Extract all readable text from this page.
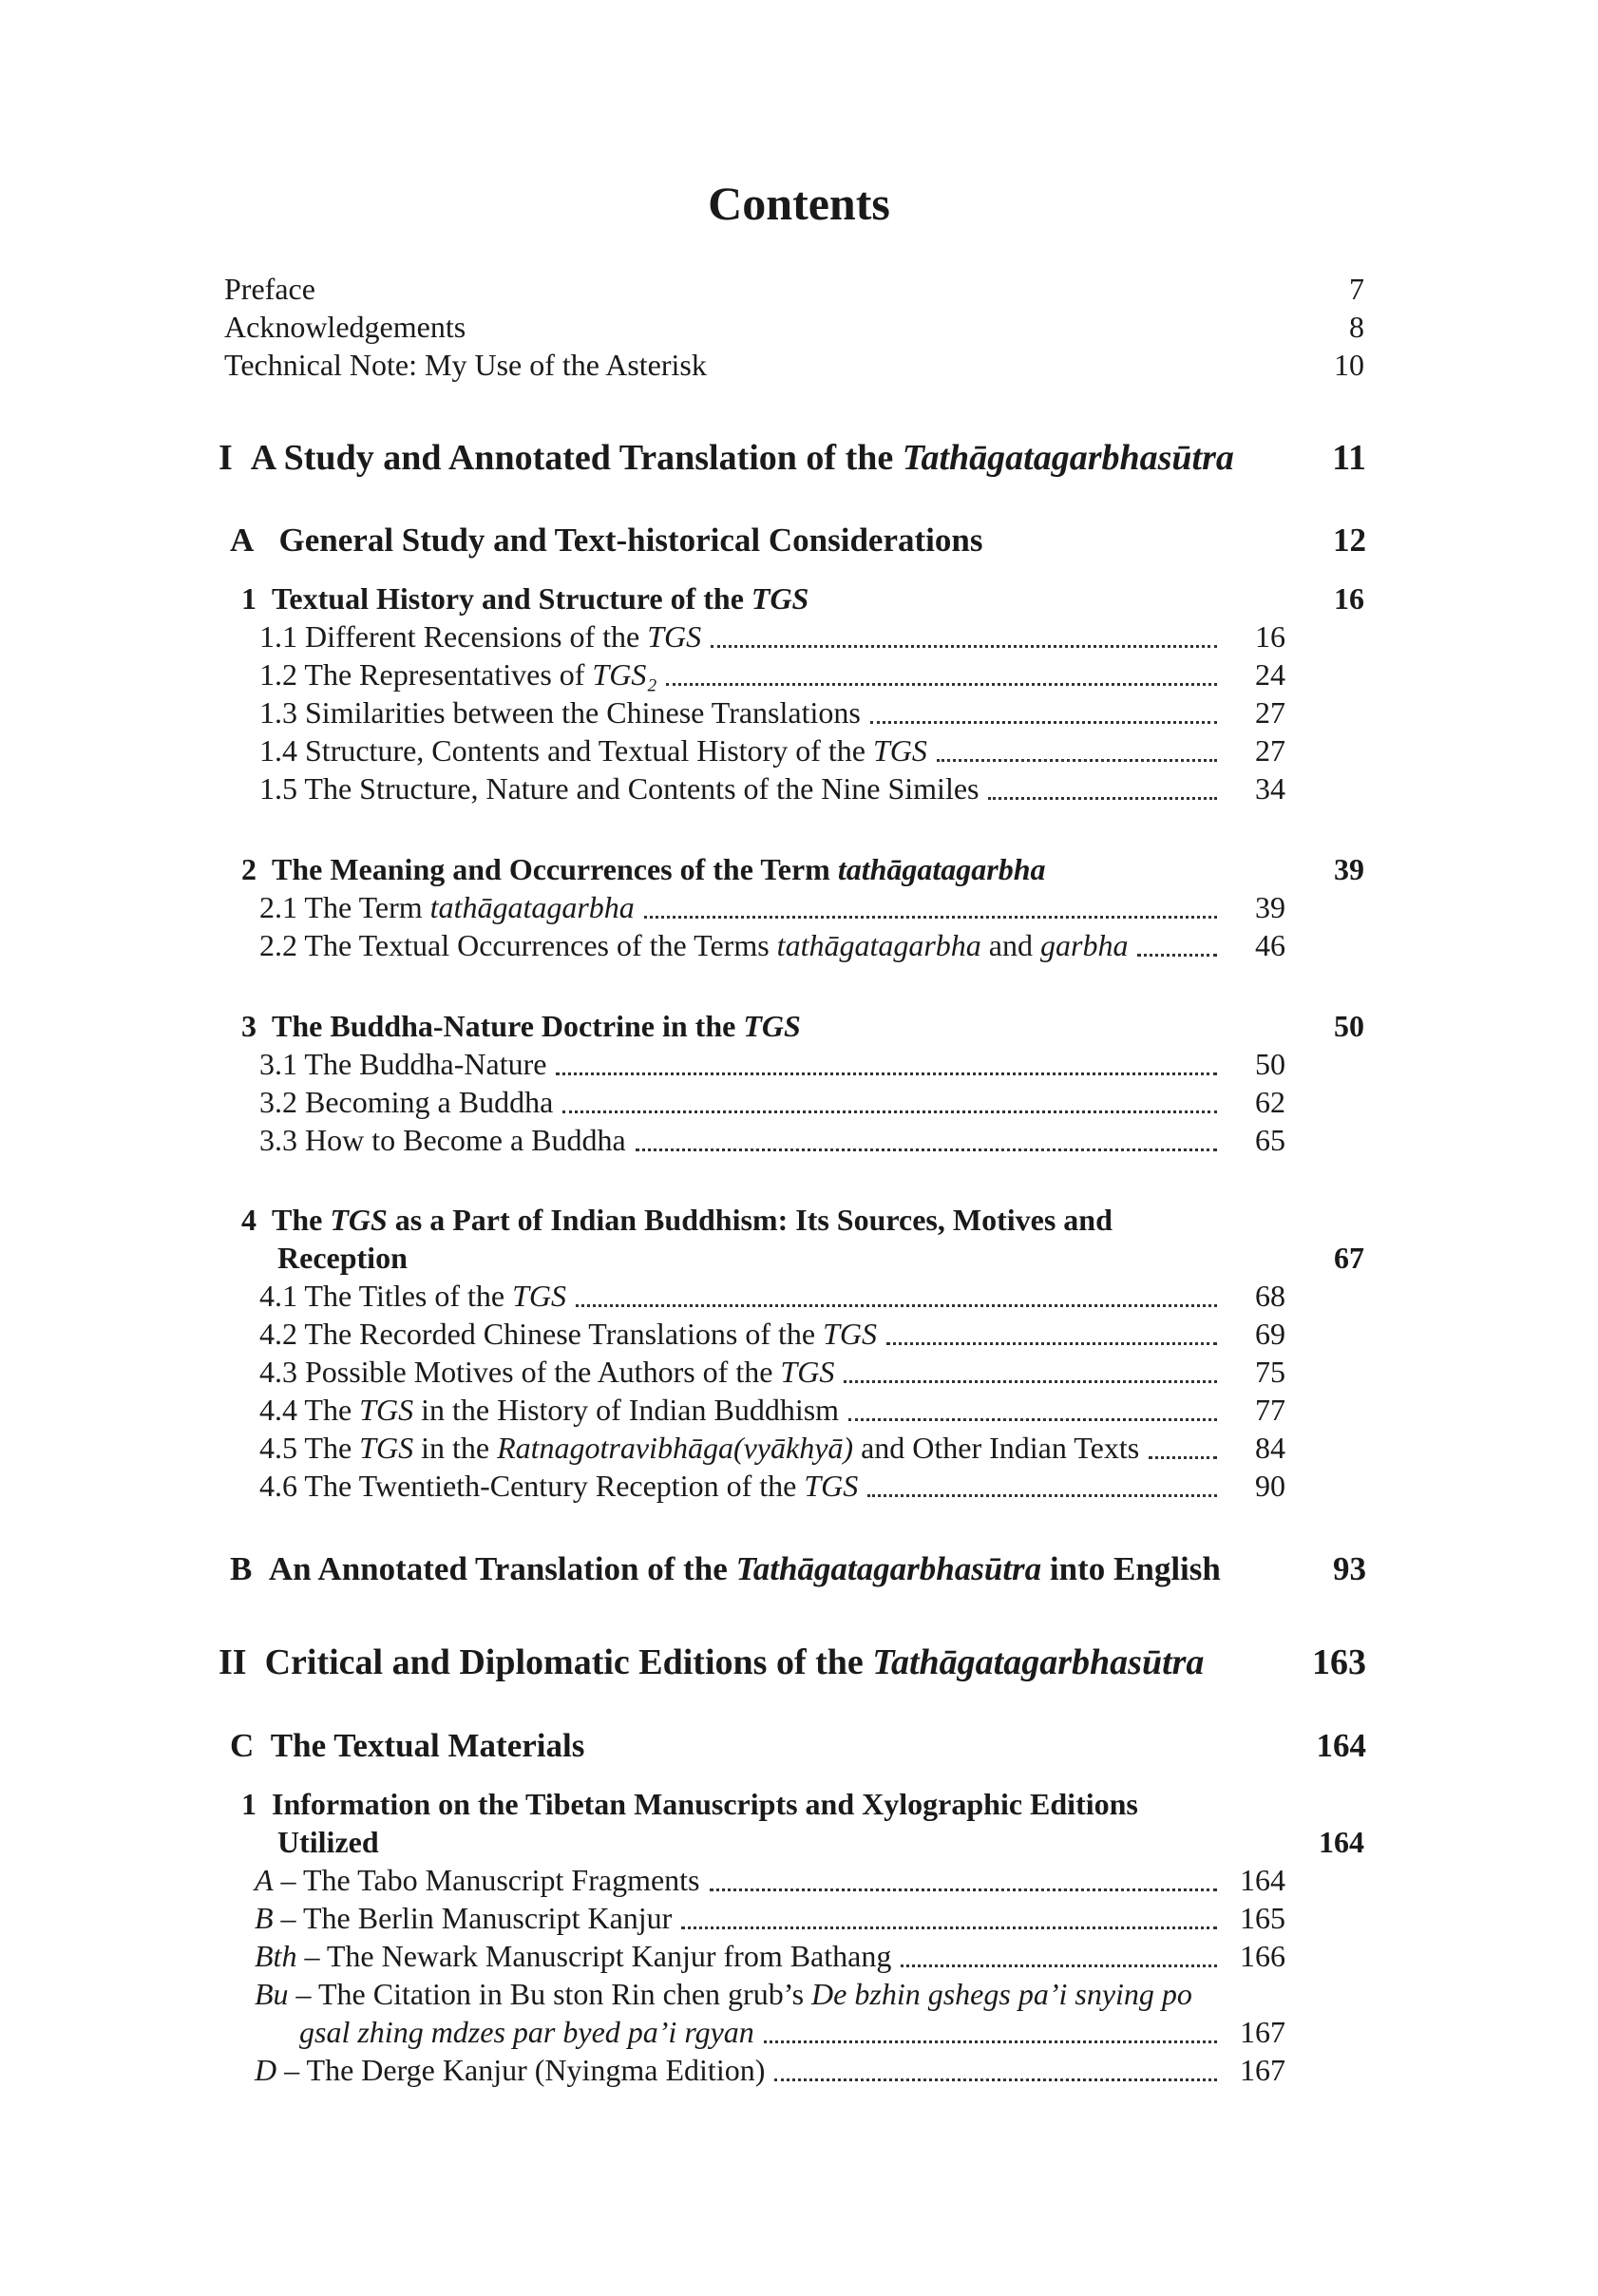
Contents
Preface	7
Acknowledgements	8
Technical Note: My Use of the Asterisk	10
I A Study and Annotated Translation of the Tathāgatagarbhasūtra	11
A General Study and Text-historical Considerations	12
1 Textual History and Structure of the TGS	16
1.1 Different Recensions of the TGS	16
1.2 The Representatives of TGS₂	24
1.3 Similarities between the Chinese Translations	27
1.4 Structure, Contents and Textual History of the TGS	27
1.5 The Structure, Nature and Contents of the Nine Similes	34
2 The Meaning and Occurrences of the Term tathāgatagarbha	39
2.1 The Term tathāgatagarbha	39
2.2 The Textual Occurrences of the Terms tathāgatagarbha and garbha	46
3 The Buddha-Nature Doctrine in the TGS	50
3.1 The Buddha-Nature	50
3.2 Becoming a Buddha	62
3.3 How to Become a Buddha	65
4 The TGS as a Part of Indian Buddhism: Its Sources, Motives and
Reception	67
4.1 The Titles of the TGS	68
4.2 The Recorded Chinese Translations of the TGS	69
4.3 Possible Motives of the Authors of the TGS	75
4.4 The TGS in the History of Indian Buddhism	77
4.5 The TGS in the Ratnagotravibhāga(vyākhyā) and Other Indian Texts	84
4.6 The Twentieth-Century Reception of the TGS	90
B An Annotated Translation of the Tathāgatagarbhasūtra into English	93
II Critical and Diplomatic Editions of the Tathāgatagarbhasūtra	163
C The Textual Materials	164
1 Information on the Tibetan Manuscripts and Xylographic Editions
Utilized	164
A – The Tabo Manuscript Fragments	164
B – The Berlin Manuscript Kanjur	165
Bth – The Newark Manuscript Kanjur from Bathang	166
Bu – The Citation in Bu ston Rin chen grub’s De bzhin gshegs pa’i snying po
gsal zhing mdzes par byed pa’i rgyan	167
D – The Derge Kanjur (Nyingma Edition)	167
